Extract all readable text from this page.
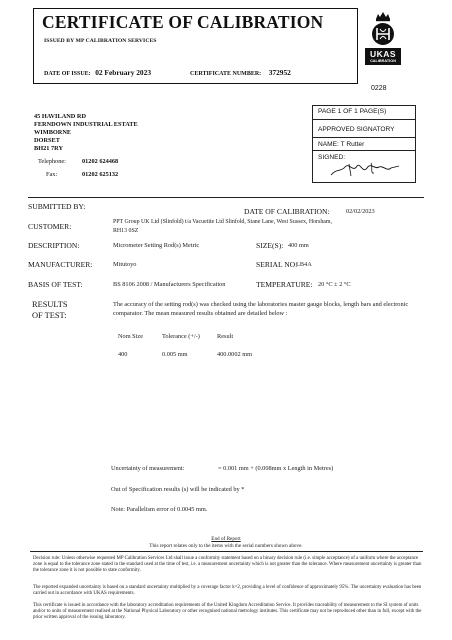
CERTIFICATE OF CALIBRATION
ISSUED BY MP CALIBRATION SERVICES
DATE OF ISSUE: 02 February 2023	CERTIFICATE NUMBER: 372952
UKAS
CALIBRATION
0228
45 HAVILAND RD
FERNDOWN INDUSTRIAL ESTATE
WIMBORNE
DORSET
BH21 7RY
Telephone:	01202 624468
Fax:	01202 625132
PAGE 1 OF 1 PAGE(S)
APPROVED SIGNATORY
NAME: T Rutter
SIGNED:
SUBMITTED BY:
DATE OF CALIBRATION:	02/02/2023
CUSTOMER:	PPT Group UK Ltd (Slinfold) t/a Vacuetite Ltd Slinfold, Stane Lane, West Sussex, Horsham,
RH13 0SZ
DESCRIPTION:	Micrometer Setting Rod(s) Metric	SIZE(S): 400 mm
MANUFACTURER:	Mitutoyo	SERIAL NO:
LB4A
BASIS OF TEST:	BS 8106 2008 / Manufacturers Specification	TEMPERATURE: 20 °C ± 2 °C
RESULTS
OF TEST:
The accuracy of the setting rod(s) was checked using the laboratories master gauge blocks, length bars and electronic comparator. The mean measured results obtained are detailed below :
Nom Size	Tolerance (+/-)	Result
400	0.005 mm	400.0002 mm
Uncertainty of measurement:	= 0.001 mm + (0.008mm x Length in Metres)
Out of Specification results (s) will be indicated by *
Note: Parallelism error of 0.0045 mm.
End of Report
This report relates only to the items with the serial numbers shown above.
Decision rule: Unless otherwise requested MP Calibration Services Ltd shall issue a conformity statement based on a binary decision rule (i.e. simple acceptance) of a uniform where the acceptance zone is equal to the tolerance zone stated in the standard used at the time of test, i.e. a measurement uncertainty which is not greater than the tolerance. Where measurement uncertainty is greater than the tolerance zone it is not possible to state conformity.
The reported expanded uncertainty is based on a standard uncertainty multiplied by a coverage factor k=2, providing a level of confidence of approximately 95%. The uncertainty evaluation has been carried out in accordance with UKAS requirements.
This certificate is issued in accordance with the laboratory accreditation requirements of the United Kingdom Accreditation Service. It provides traceability of measurement to the SI system of units and/or to units of measurement realised at the National Physical Laboratory or other recognised national metrology institutes. This certificate may not be reproduced other than in full, except with the prior written approval of the issuing laboratory.
